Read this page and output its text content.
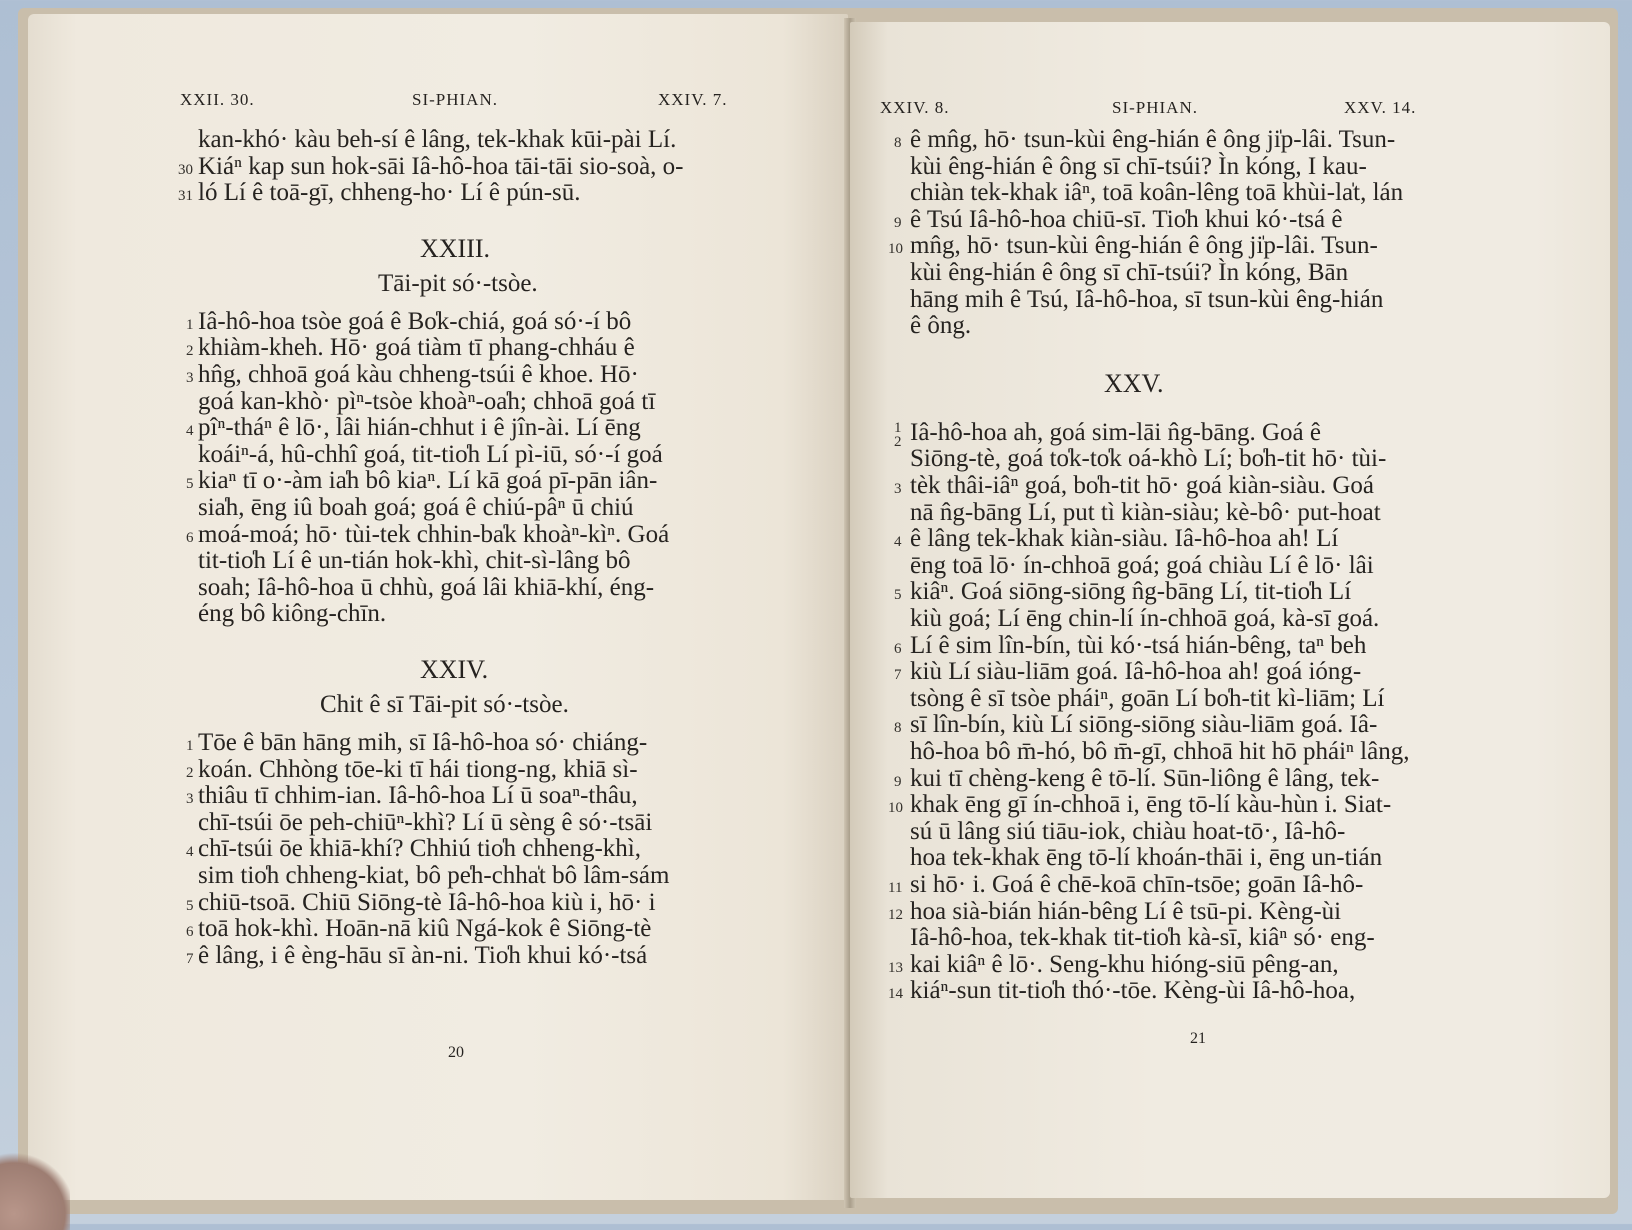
XXII. 30.	SI-PHIAN.	XXIV. 7.
kan-khó· kàu beh-sí ê lâng, tek-khak kūi-pài Lí.
30 Kiáⁿ kap sun hok-sāi Iâ-hô-hoa tāi-tāi sio-soà, o-
31 ló Lí ê toā-gī, chheng-ho· Lí ê pún-sū.
XXIII.
Tāi-pit só·-tsòe.
1 Iâ-hô-hoa tsòe goá ê Bo̍k-chiá, goá só·-í bô
2 khiàm-kheh. Hō· goá tiàm tī phang-chháu ê
3 hn̂g, chhoā goá kàu chheng-tsúi ê khoe. Hō·
goá kan-khò· pìⁿ-tsòe khoàⁿ-oa̍h; chhoā goá tī
4 pîⁿ-tháⁿ ê lō·, lâi hián-chhut i ê jîn-ài. Lí ēng
koáiⁿ-á, hû-chhî goá, tit-tio̍h Lí pì-iū, só·-í goá
5 kiaⁿ tī o·-àm ia̍h bô kiaⁿ. Lí kā goá pī-pān iân-
sia̍h, ēng iû boah goá; goá ê chiú-pâⁿ ū chiú
6 moá-moá; hō· tùi-tek chhin-ba̍k khoàⁿ-kìⁿ. Goá
tit-tio̍h Lí ê un-tián hok-khì, chit-sì-lâng bô
soah; Iâ-hô-hoa ū chhù, goá lâi khiā-khí, éng-
éng bô kiông-chīn.
XXIV.
Chit ê sī Tāi-pit só·-tsòe.
1 Tōe ê bān hāng mih, sī Iâ-hô-hoa só· chiáng-
2 koán. Chhòng tōe-ki tī hái tiong-ng, khiā sì-
3 thiâu tī chhim-ian. Iâ-hô-hoa Lí ū soaⁿ-thâu,
chī-tsúi ōe peh-chiūⁿ-khì? Lí ū sèng ê só·-tsāi
4 chī-tsúi ōe khiā-khí? Chhiú tio̍h chheng-khì,
sim tio̍h chheng-kiat, bô pe̍h-chha̍t bô lâm-sám
5 chiū-tsoā. Chiū Siōng-tè Iâ-hô-hoa kiù i, hō· i
6 toā hok-khì. Hoān-nā kiû Ngá-kok ê Siōng-tè
7 ê lâng, i ê èng-hāu sī àn-ni. Tio̍h khui kó·-tsá
20
XXIV. 8.	SI-PHIAN.	XXV. 14.
8 ê mn̂g, hō· tsun-kùi êng-hián ê ông ji̍p-lâi. Tsun-
kùi êng-hián ê ông sī chī-tsúi? Ìn kóng, I kau-
chiàn tek-khak iâⁿ, toā koân-lêng toā khùi-la̍t, lán
9 ê Tsú Iâ-hô-hoa chiū-sī. Tio̍h khui kó·-tsá ê
10 mn̂g, hō· tsun-kùi êng-hián ê ông ji̍p-lâi. Tsun-
kùi êng-hián ê ông sī chī-tsúi? Ìn kóng, Bān
hāng mih ê Tsú, Iâ-hô-hoa, sī tsun-kùi êng-hián
ê ông.
XXV.
1
2 Iâ-hô-hoa ah, goá sim-lāi n̂g-bāng. Goá ê
Siōng-tè, goá to̍k-to̍k oá-khò Lí; bo̍h-tit hō· tùi-
3 tèk thâi-iâⁿ goá, bo̍h-tit hō· goá kiàn-siàu. Goá
nā n̂g-bāng Lí, put tì kiàn-siàu; kè-bô· put-hoat
4 ê lâng tek-khak kiàn-siàu. Iâ-hô-hoa ah! Lí
ēng toā lō· ín-chhoā goá; goá chiàu Lí ê lō· lâi
5 kiâⁿ. Goá siōng-siōng n̂g-bāng Lí, tit-tio̍h Lí
kiù goá; Lí ēng chin-lí ín-chhoā goá, kà-sī goá.
6 Lí ê sim lîn-bín, tùi kó·-tsá hián-bêng, taⁿ beh
7 kiù Lí siàu-liām goá. Iâ-hô-hoa ah! goá ióng-
tsòng ê sī tsòe pháiⁿ, goān Lí bo̍h-tit kì-liām; Lí
8 sī lîn-bín, kiù Lí siōng-siōng siàu-liām goá. Iâ-
hô-hoa bô m̄-hó, bô m̄-gī, chhoā hit hō pháiⁿ lâng,
9 kui tī chèng-keng ê tō-lí. Sūn-liông ê lâng, tek-
10 khak ēng gī ín-chhoā i, ēng tō-lí kàu-hùn i. Siat-
sú ū lâng siú tiāu-iok, chiàu hoat-tō·, Iâ-hô-
hoa tek-khak ēng tō-lí khoán-thāi i, ēng un-tián
11 si hō· i. Goá ê chē-koā chīn-tsōe; goān Iâ-hô-
12 hoa sià-bián hián-bêng Lí ê tsū-pi. Kèng-ùi
Iâ-hô-hoa, tek-khak tit-tio̍h kà-sī, kiâⁿ só· eng-
13 kai kiâⁿ ê lō·. Seng-khu hióng-siū pêng-an,
14 kiáⁿ-sun tit-tio̍h thó·-tōe. Kèng-ùi Iâ-hô-hoa,
21
